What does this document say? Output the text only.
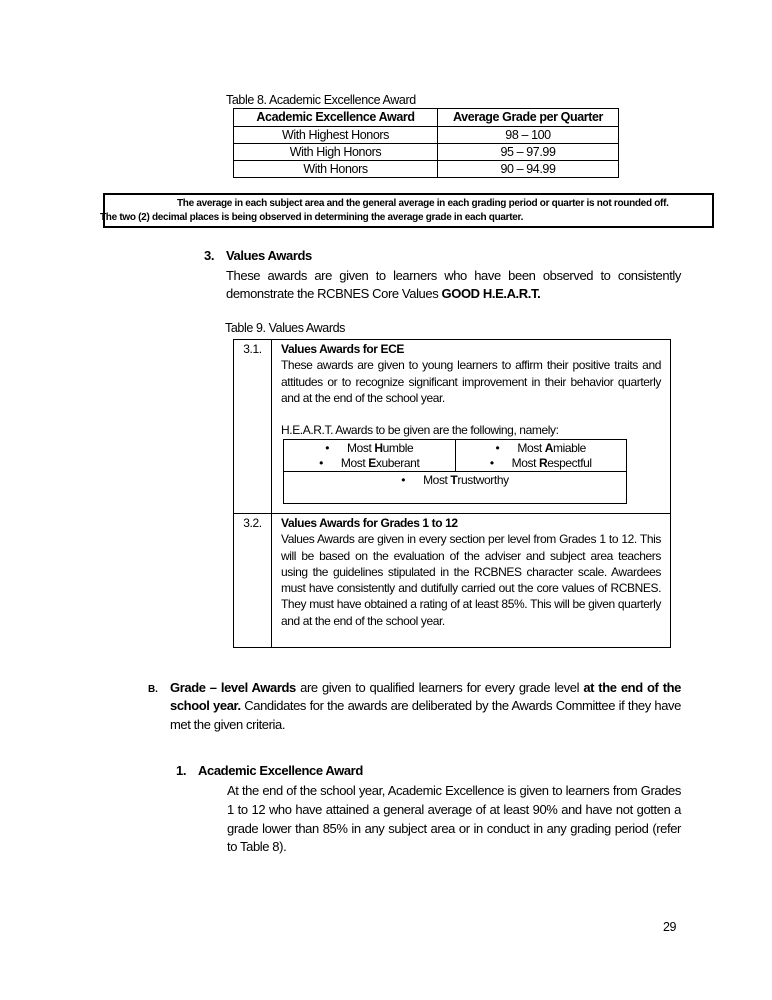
Table 8. Academic Excellence Award
Academic Excellence Award	Average Grade per Quarter
With Highest Honors	98 – 100
With High Honors	95 – 97.99
With Honors	90 – 94.99
The average in each subject area and the general average in each grading period or quarter is not rounded off.
The two (2) decimal places is being observed in determining the average grade in each quarter.
3. Values Awards
These awards are given to learners who have been observed to consistently demonstrate the RCBNES Core Values GOOD H.E.A.R.T.
Table 9. Values Awards
3.1.	Values Awards for ECE
These awards are given to young learners to affirm their positive traits and attitudes or to recognize significant improvement in their behavior quarterly and at the end of the school year.
H.E.A.R.T. Awards to be given are the following, namely:
• Most Humble
• Most Exuberant

• Most Amiable
• Most Respectful

• Most Trustworthy

3.2.	Values Awards for Grades 1 to 12
Values Awards are given in every section per level from Grades 1 to 12. This will be based on the evaluation of the adviser and subject area teachers using the guidelines stipulated in the RCBNES character scale. Awardees must have consistently and dutifully carried out the core values of RCBNES. They must have obtained a rating of at least 85%. This will be given quarterly and at the end of the school year.
B. Grade – level Awards are given to qualified learners for every grade level at the end of the school year. Candidates for the awards are deliberated by the Awards Committee if they have met the given criteria.
1. Academic Excellence Award
At the end of the school year, Academic Excellence is given to learners from Grades 1 to 12 who have attained a general average of at least 90% and have not gotten a grade lower than 85% in any subject area or in conduct in any grading period (refer to Table 8).
29
